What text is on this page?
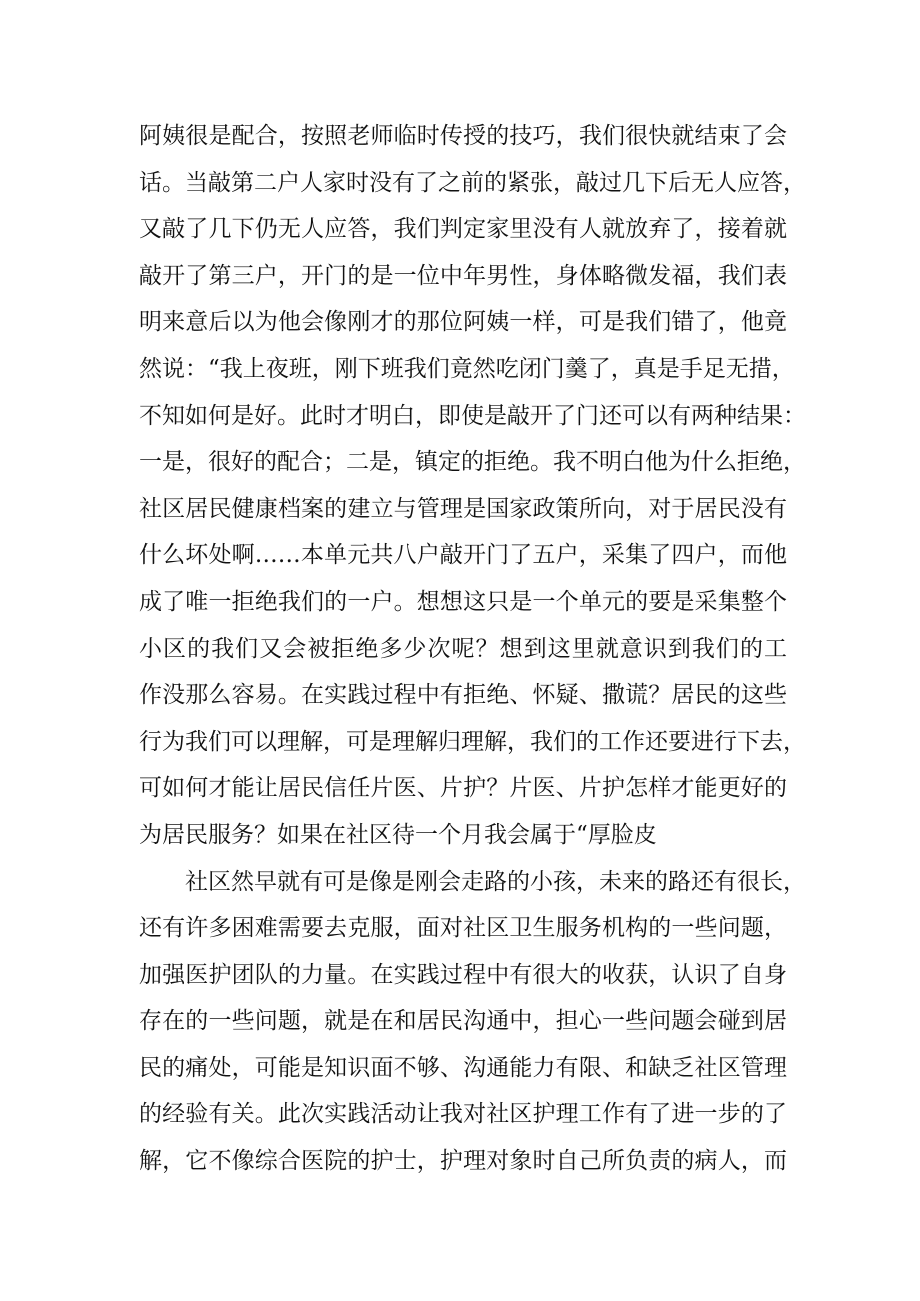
阿姨很是配合，按照老师临时传授的技巧，我们很快就结束了会
话。当敲第二户人家时没有了之前的紧张，敲过几下后无人应答，
又敲了几下仍无人应答，我们判定家里没有人就放弃了，接着就
敲开了第三户，开门的是一位中年男性，身体略微发福，我们表
明来意后以为他会像刚才的那位阿姨一样，可是我们错了，他竟
然说：“我上夜班，刚下班我们竟然吃闭门羹了，真是手足无措，
不知如何是好。此时才明白，即使是敲开了门还可以有两种结果：
一是，很好的配合；二是，镇定的拒绝。我不明白他为什么拒绝，
社区居民健康档案的建立与管理是国家政策所向，对于居民没有
什么坏处啊……本单元共八户敲开门了五户，采集了四户，而他
成了唯一拒绝我们的一户。想想这只是一个单元的要是采集整个
小区的我们又会被拒绝多少次呢？想到这里就意识到我们的工
作没那么容易。在实践过程中有拒绝、怀疑、撒谎？居民的这些
行为我们可以理解，可是理解归理解，我们的工作还要进行下去，
可如何才能让居民信任片医、片护？片医、片护怎样才能更好的
为居民服务？如果在社区待一个月我会属于“厚脸皮
社区然早就有可是像是刚会走路的小孩，未来的路还有很长，
还有许多困难需要去克服，面对社区卫生服务机构的一些问题，
加强医护团队的力量。在实践过程中有很大的收获，认识了自身
存在的一些问题，就是在和居民沟通中，担心一些问题会碰到居
民的痛处，可能是知识面不够、沟通能力有限、和缺乏社区管理
的经验有关。此次实践活动让我对社区护理工作有了进一步的了
解，它不像综合医院的护士，护理对象时自己所负责的病人，而
